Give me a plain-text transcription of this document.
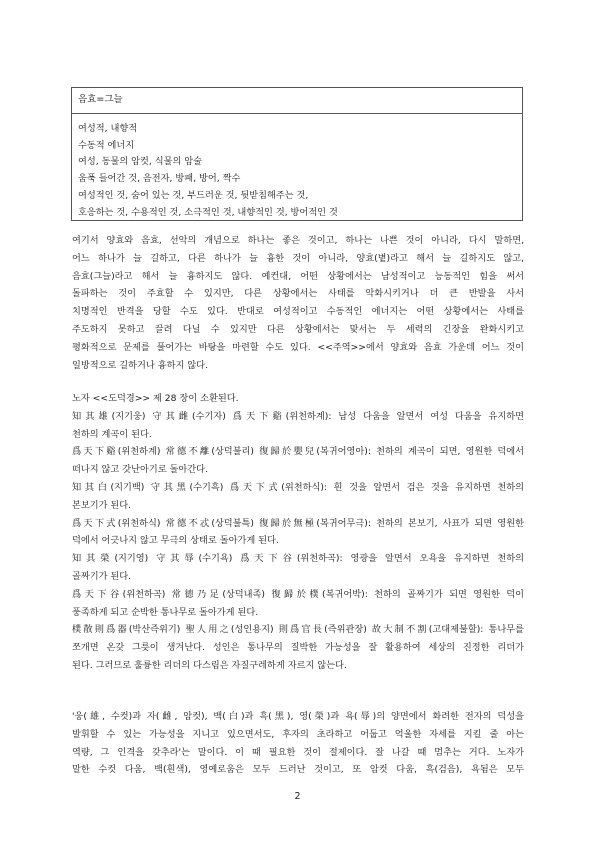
음효=그늘
여성적, 내향적
수동적 에너지
여성, 동물의 암컷, 식물의 암술
움푹 들어간 것, 음전자, 방패, 방어, 짝수
여성적인 것, 숨어 있는 것, 부드러운 것, 뒷받침해주는 것,
호응하는 것, 수용적인 것, 소극적인 것, 내향적인 것, 방어적인 것
여기서 양효와 음효, 선악의 개념으로 하나는 좋은 것이고, 하나는 나쁜 것이 아니라, 다시 말하면,
어느 하나가 늘 길하고, 다른 하나가 늘 흉한 것이 아니라, 양효(볕)라고 해서 늘 길하지도 않고,
음효(그늘)라고 해서 늘 흉하지도 않다. 예컨대, 어떤 상황에서는 남성적이고 능동적인 힘을 써서
돌파하는 것이 주효할 수 있지만, 다른 상황에서는 사태를 악화시키거나 더 큰 반발을 사서
치명적인 반격을 당할 수도 있다. 반대로 여성적이고 수동적인 에너지는 어떤 상황에서는 사태를
주도하지 못하고 끌려 다닐 수 있지만 다른 상황에서는 맞서는 두 세력의 긴장을 완화시키고
평화적으로 문제를 풀어가는 바탕을 마련할 수도 있다. <<주역>>에서 양효와 음효 가운데 어느 것이
일방적으로 길하거나 흉하지 않다.
노자 <<도덕경>> 제 28 장이 소환된다.
知其雄(지기웅) 守其雌(수기자) 爲天下谿(위천하계): 남성 다움을 알면서 여성 다움을 유지하면
천하의 계곡이 된다.
爲天下谿(위천하계) 常德不離(상덕불리) 復歸於嬰兒(복귀어영아): 천하의 계곡이 되면, 영원한 덕에서
떠나지 않고 갓난아기로 돌아간다.
知其白(지기백) 守其黑(수기흑) 爲天下式(위천하식): 흰 것을 알면서 검은 것을 유지하면 천하의
본보기가 된다.
爲天下式(위천하식) 常德不忒(상덕불특) 復歸於無極(복귀어무극): 천하의 본보기, 사표가 되면 영원한
덕에서 어긋나지 않고 무극의 상태로 돌아가게 된다.
知其榮(지기영) 守其辱(수기욕) 爲天下谷(위천하곡): 영광을 알면서 오욕을 유지하면 천하의
골짜기가 된다.
爲天下谷(위천하곡) 常德乃足(상덕내족) 復歸於樸(복귀어박): 천하의 골짜기가 되면 영원한 덕이
풍족하게 되고 순박한 통나무로 돌아가게 된다.
樸散則爲器(박산즉위기) 聖人用之(성인용지) 則爲官長(즉위관장) 故大制不割(고대제불할): 통나무를
쪼개면 온갖 그릇이 생겨난다. 성인은 통나무의 질박한 가능성을 잘 활용하여 세상의 진정한 리더가
된다. 그러므로 훌륭한 리더의 다스림은 자질구레하게 자르지 않는다.
'웅(雄, 수컷)과 자(雌, 암컷), 백(白)과 흑(黑), 영(榮)과 욕(辱)의 양면에서 화려한 전자의 덕성을
발휘할 수 있는 가능성을 지니고 있으면서도, 후자의 초라하고 어둡고 억울한 자세를 지킬 줄 아는
역량, 그 인격을 갖추라'는 말이다. 이 때 필요한 것이 절제이다. 잘 나갈 때 멈추는 거다. 노자가
말한 수컷 다움, 백(흰색), 영예로움은 모두 드러난 것이고, 또 암컷 다움, 흑(검음), 욕됨은 모두
2
